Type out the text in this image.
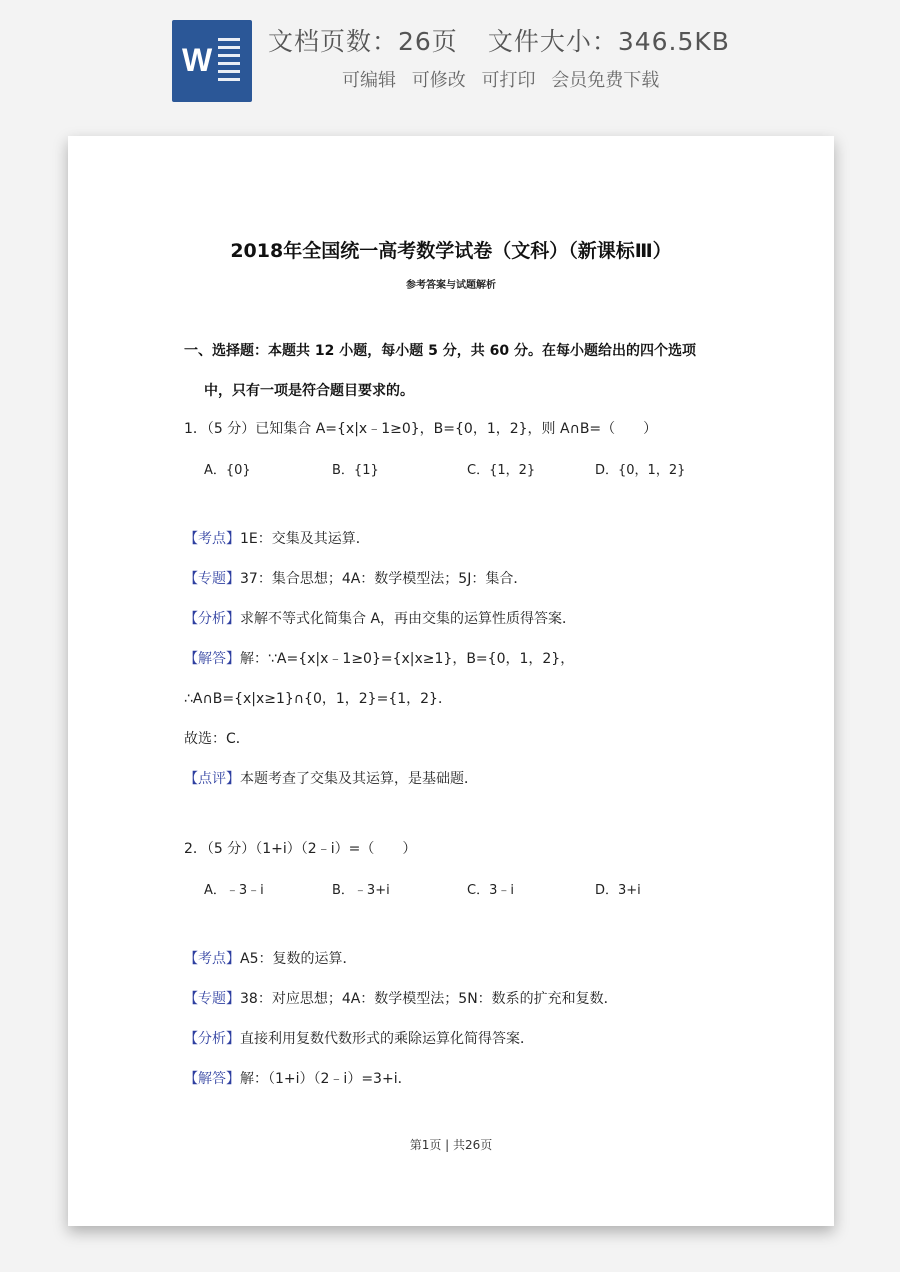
W
文档页数：26页 文件大小：346.5KB
可编辑 可修改 可打印 会员免费下载
2018年全国统一高考数学试卷（文科）（新课标Ⅲ）
参考答案与试题解析
一、选择题：本题共 12 小题，每小题 5 分，共 60 分。在每小题给出的四个选项
中，只有一项是符合题目要求的。
1．（5 分）已知集合 A={x|x﹣1≥0}，B={0，1，2}，则 A∩B=（　　）
A．{0}	B．{1}	C．{1，2}	D．{0，1，2}
【考点】1E：交集及其运算．
【专题】37：集合思想；4A：数学模型法；5J：集合．
【分析】求解不等式化简集合 A，再由交集的运算性质得答案．
【解答】解：∵A={x|x﹣1≥0}={x|x≥1}，B={0，1，2}，
∴A∩B={x|x≥1}∩{0，1，2}={1，2}．
故选：C．
【点评】本题考查了交集及其运算，是基础题．
2．（5 分）（1+i）（2﹣i）=（　　）
A．﹣3﹣i	B．﹣3+i	C．3﹣i	D．3+i
【考点】A5：复数的运算．
【专题】38：对应思想；4A：数学模型法；5N：数系的扩充和复数．
【分析】直接利用复数代数形式的乘除运算化简得答案．
【解答】解：（1+i）（2﹣i）=3+i．
第1页 | 共26页
